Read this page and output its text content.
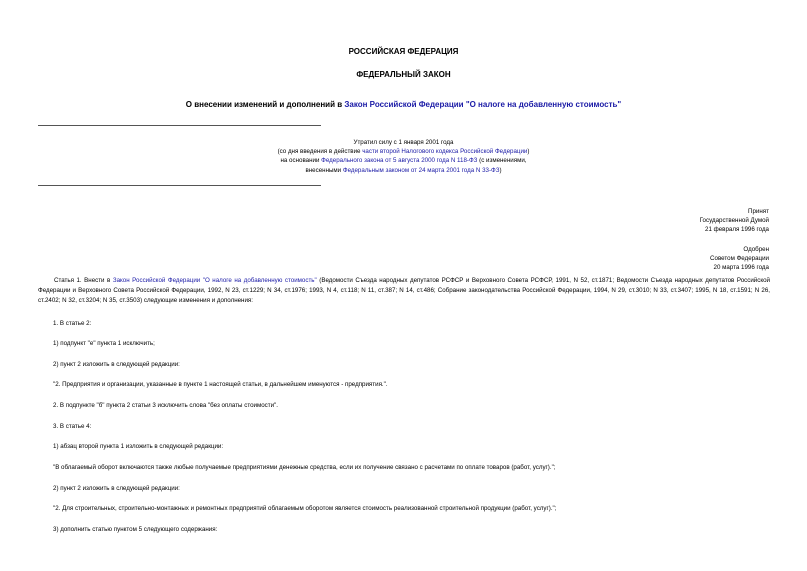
РОССИЙСКАЯ ФЕДЕРАЦИЯ
ФЕДЕРАЛЬНЫЙ ЗАКОН
О внесении изменений и дополнений в Закон Российской Федерации "О налоге на добавленную стоимость"
Утратил силу с 1 января 2001 года
(со дня введения в действие части второй Налогового кодекса Российской Федерации)
на основании Федерального закона от 5 августа 2000 года N 118-ФЗ (с изменениями,
внесенными Федеральным законом от 24 марта 2001 года N 33-ФЗ)
Принят
Государственной Думой
21 февраля 1996 года
Одобрен
Советом Федерации
20 марта 1996 года
Статья 1. Внести в Закон Российской Федерации "О налоге на добавленную стоимость" (Ведомости Съезда народных депутатов РСФСР и Верховного Совета РСФСР, 1991, N 52, ст.1871; Ведомости Съезда народных депутатов Российской Федерации и Верховного Совета Российской Федерации, 1992, N 23, ст.1229; N 34, ст.1976; 1993, N 4, ст.118; N 11, ст.387; N 14, ст.486; Собрание законодательства Российской Федерации, 1994, N 29, ст.3010; N 33, ст.3407; 1995, N 18, ст.1591; N 26, ст.2402; N 32, ст.3204; N 35, ст.3503) следующие изменения и дополнения:
1. В статье 2:
1) подпункт "е" пункта 1 исключить;
2) пункт 2 изложить в следующей редакции:
"2. Предприятия и организации, указанные в пункте 1 настоящей статьи, в дальнейшем именуются - предприятия.".
2. В подпункте "б" пункта 2 статьи 3 исключить слова "без оплаты стоимости".
3. В статье 4:
1) абзац второй пункта 1 изложить в следующей редакции:
"В облагаемый оборот включаются также любые получаемые предприятиями денежные средства, если их получение связано с расчетами по оплате товаров (работ, услуг).";
2) пункт 2 изложить в следующей редакции:
"2. Для строительных, строительно-монтажных и ремонтных предприятий облагаемым оборотом является стоимость реализованной строительной продукции (работ, услуг).";
3) дополнить статью пунктом 5 следующего содержания:
